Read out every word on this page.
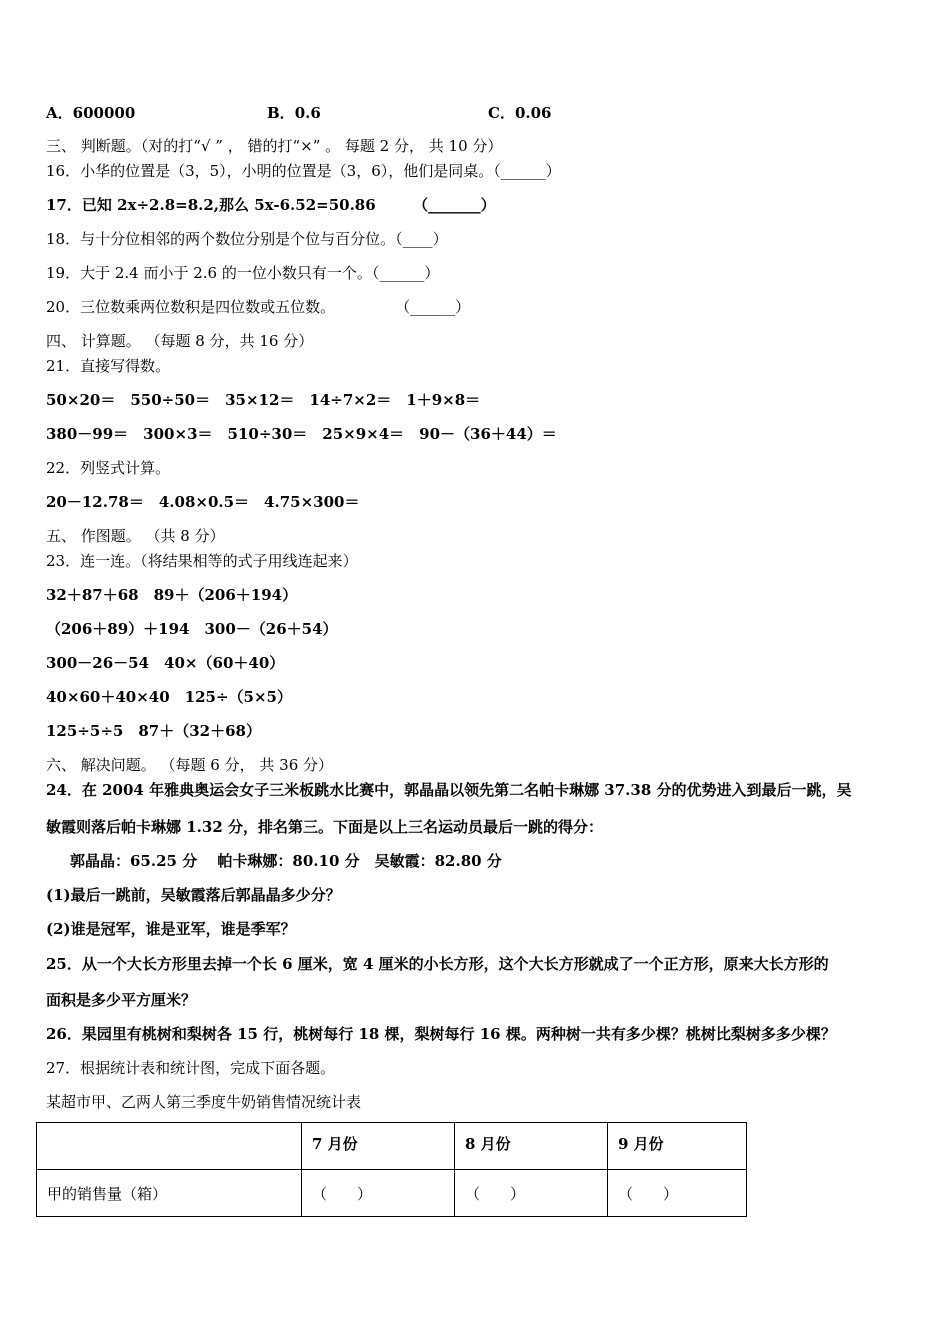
A．600000	B．0.6	C．0.06
三、 判断题。（对的打“√ ” ， 错的打“×” 。 每题 2 分， 共 10 分）
16．小华的位置是（3，5），小明的位置是（3，6），他们是同桌。（______）
17．已知 2x÷2.8=8.2,那么 5x-6.52=50.86　　　（_______）
18．与十分位相邻的两个数位分别是个位与百分位。（____）
19．大于 2.4 而小于 2.6 的一位小数只有一个。（______）
20．三位数乘两位数积是四位数或五位数。　　　　　（______）
四、 计算题。 （每题 8 分，共 16 分）
21．直接写得数。
50×20＝　550÷50＝　35×12＝　14÷7×2＝　1＋9×8＝
380－99＝　300×3＝　510÷30＝　25×9×4＝　90－（36＋44）＝
22．列竖式计算。
20－12.78＝　4.08×0.5＝　4.75×300＝
五、 作图题。 （共 8 分）
23．连一连。（将结果相等的式子用线连起来）
32＋87＋68　89＋（206＋194）
（206＋89）＋194　300－（26＋54）
300－26－54　40×（60＋40）
40×60＋40×40　125÷（5×5）
125÷5÷5　87＋（32＋68）
六、 解决问题。 （每题 6 分， 共 36 分）
24．在 2004 年雅典奥运会女子三米板跳水比赛中，郭晶晶以领先第二名帕卡琳娜 37.38 分的优势进入到最后一跳，吴
敏霞则落后帕卡琳娜 1.32 分，排名第三。下面是以上三名运动员最后一跳的得分：
郭晶晶：65.25 分　 帕卡琳娜：80.10 分　吴敏霞：82.80 分
(1)最后一跳前，吴敏霞落后郭晶晶多少分？
(2)谁是冠军，谁是亚军，谁是季军？
25．从一个大长方形里去掉一个长 6 厘米，宽 4 厘米的小长方形，这个大长方形就成了一个正方形，原来大长方形的
面积是多少平方厘米？
26．果园里有桃树和梨树各 15 行，桃树每行 18 棵，梨树每行 16 棵。两种树一共有多少棵？桃树比梨树多多少棵？
27．根据统计表和统计图，完成下面各题。
某超市甲、乙两人第三季度牛奶销售情况统计表
	7 月份	8 月份	9 月份
甲的销售量（箱）	（　　）	（　　）	（　　）
